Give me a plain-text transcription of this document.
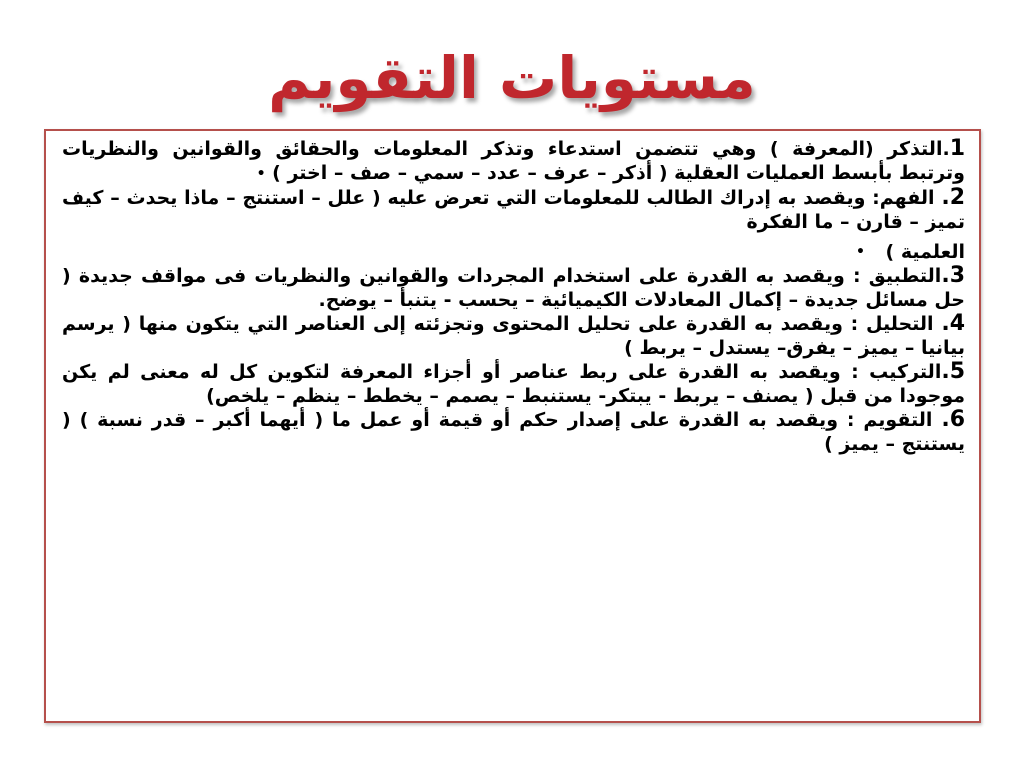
مستويات التقويم

1.التذكر (المعرفة ) وهي تتضمن استدعاء وتذكر المعلومات والحقائق والقوانين والنظريات وترتبط بأبسط العمليات العقلية ( أذكر – عرف – عدد – سمي – صف – اختر ) •

2. الفهم: ويقصد به إدراك الطالب للمعلومات التي تعرض عليه ( علل – استنتج – ماذا يحدث – كيف تميز – قارن – ما الفكرة

العلمية ) •

3.التطبيق : ويقصد به القدرة على استخدام المجردات والقوانين والنظريات فى مواقف جديدة ( حل مسائل جديدة – إكمال المعادلات الكيميائية – يحسب - يتنبأ – يوضح.

4. التحليل : ويقصد به القدرة على تحليل المحتوى وتجزئته إلى العناصر التي يتكون منها ( يرسم بيانيا – يميز – يفرق– يستدل – يربط )

5.التركيب : ويقصد به القدرة على ربط عناصر أو أجزاء المعرفة لتكوين كل له معنى لم يكن موجودا من قبل ( يصنف – يربط - يبتكر- يستنبط – يصمم – يخطط – ينظم – يلخص)

6. التقويم : ويقصد به القدرة على إصدار حكم أو قيمة أو عمل ما ( أيهما أكبر – قدر نسبة ) ( يستنتج – يميز )
